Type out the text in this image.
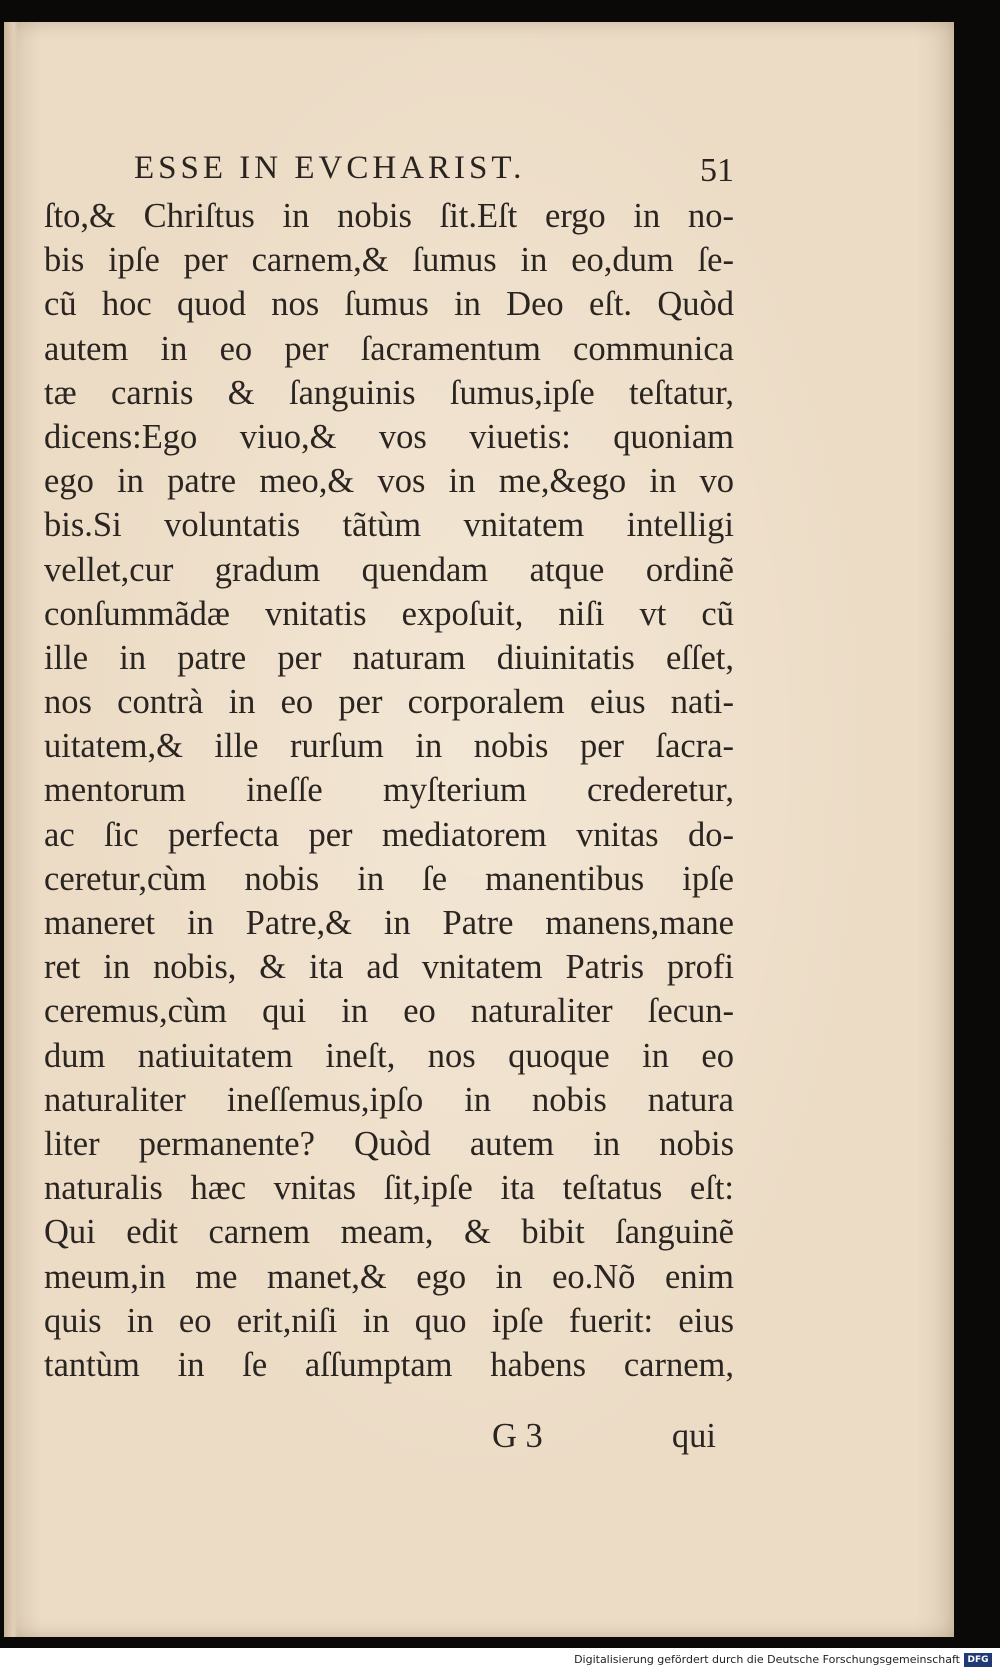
ESSE IN EVCHARIST.	51
ſto,& Chriſtus in nobis ſit.Eſt ergo in no-
bis ipſe per carnem,& ſumus in eo,dum ſe-
cũ hoc quod nos ſumus in Deo eſt. Quòd
autem in eo per ſacramentum communica
tæ carnis & ſanguinis ſumus,ipſe teſtatur,
dicens:Ego viuo,& vos viuetis: quoniam
ego in patre meo,& vos in me,&ego in vo
bis.Si voluntatis tãtùm vnitatem intelligi
vellet,cur gradum quendam atque ordinẽ
conſummãdæ vnitatis expoſuit, niſi vt cũ
ille in patre per naturam diuinitatis eſſet,
nos contrà in eo per corporalem eius nati-
uitatem,& ille rurſum in nobis per ſacra-
mentorum ineſſe myſterium crederetur,
ac ſic perfecta per mediatorem vnitas do-
ceretur,cùm nobis in ſe manentibus ipſe
maneret in Patre,& in Patre manens,mane
ret in nobis, & ita ad vnitatem Patris profi
ceremus,cùm qui in eo naturaliter ſecun-
dum natiuitatem ineſt, nos quoque in eo
naturaliter ineſſemus,ipſo in nobis natura
liter permanente? Quòd autem in nobis
naturalis hæc vnitas ſit,ipſe ita teſtatus eſt:
Qui edit carnem meam, & bibit ſanguinẽ
meum,in me manet,& ego in eo.Nõ enim
quis in eo erit,niſi in quo ipſe fuerit: eius
tantùm in ſe aſſumptam habens carnem,
G 3	qui
Digitalisierung gefördert durch die Deutsche Forschungsgemeinschaft DFG
